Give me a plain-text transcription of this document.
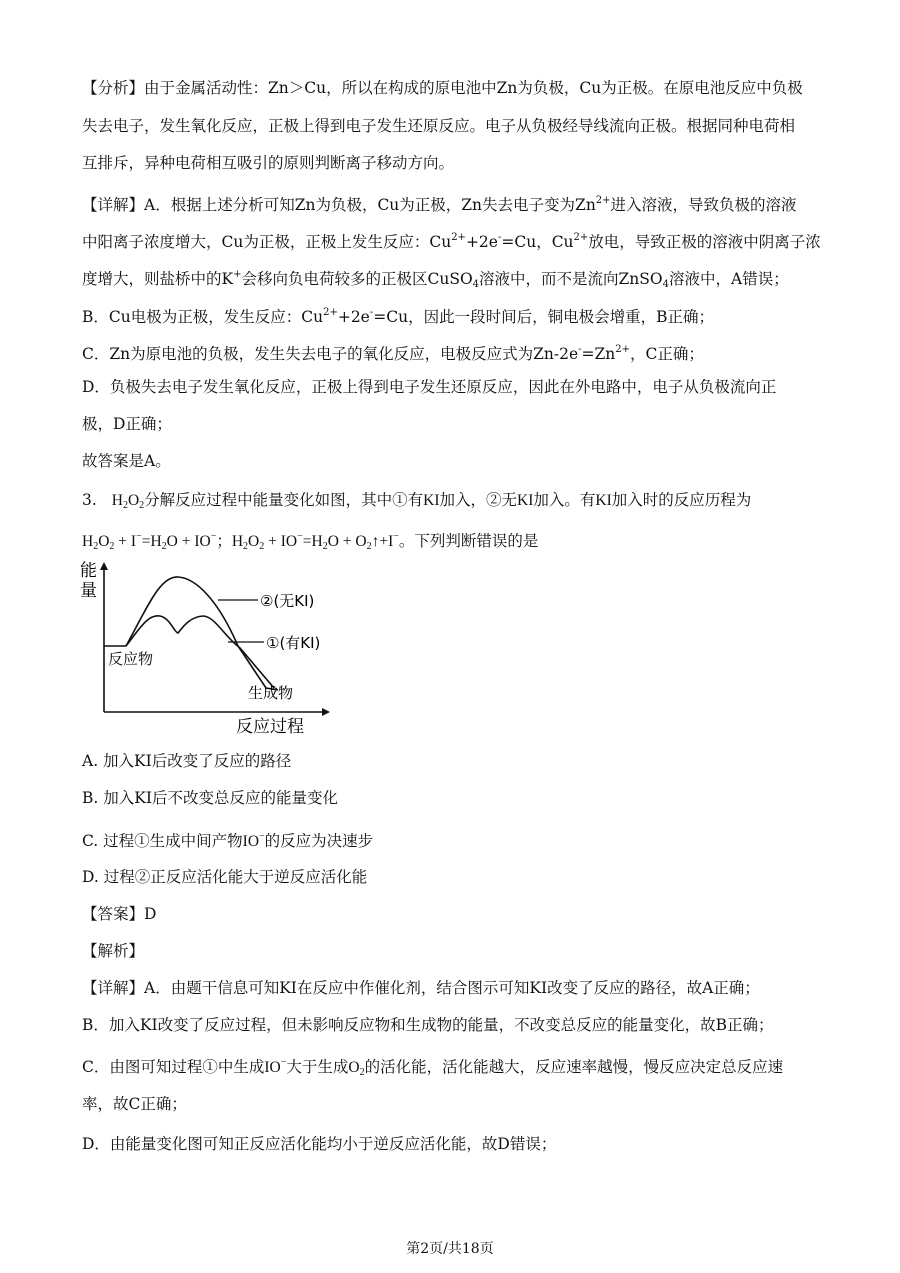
【分析】由于金属活动性：Zn＞Cu，所以在构成的原电池中Zn为负极，Cu为正极。在原电池反应中负极
失去电子，发生氧化反应，正极上得到电子发生还原反应。电子从负极经导线流向正极。根据同种电荷相
互排斥，异种电荷相互吸引的原则判断离子移动方向。
【详解】A．根据上述分析可知Zn为负极，Cu为正极，Zn失去电子变为$Zn^{2+}$进入溶液，导致负极的溶液
中阳离子浓度增大，Cu为正极，正极上发生反应：$Cu^{2+}+2e^-=Cu$，$Cu^{2+}$放电，导致正极的溶液中阴离子浓
度增大，则盐桥中的K+会移向负电荷较多的正极区CuSO$_4$溶液中，而不是流向ZnSO$_4$溶液中，A错误；
B．Cu电极为正极，发生反应：$Cu^{2+}+2e^-=Cu$，因此一段时间后，铜电极会增重，B正确；
C．Zn为原电池的负极，发生失去电子的氧化反应，电极反应式为$Zn-2e^-=Zn^{2+}$，C正确；
D．负极失去电子发生氧化反应，正极上得到电子发生还原反应，因此在外电路中，电子从负极流向正
极，D正确；
故答案是A。
3. $H_2O_2$分解反应过程中能量变化如图，其中①有KI加入，②无KI加入。有KI加入时的反应历程为
$H_2O_2 + I^-=H_2O + IO^-$；$H_2O_2 + IO^-=H_2O$ + $O_2↑+I^-$。下列判断错误的是
能
量
反应过程
②(无KI)
①(有KI)
反应物
生成物
A. 加入KI后改变了反应的路径
B. 加入KI后不改变总反应的能量变化
C. 过程①生成中间产物IO−的反应为决速步
D. 过程②正反应活化能大于逆反应活化能
【答案】D
【解析】
【详解】A．由题干信息可知KI在反应中作催化剂，结合图示可知KI改变了反应的路径，故A正确；
B．加入KI改变了反应过程，但未影响反应物和生成物的能量，不改变总反应的能量变化，故B正确；
C．由图可知过程①中生成IO−大于生成$O_2$的活化能，活化能越大，反应速率越慢，慢反应决定总反应速
率，故C正确；
D．由能量变化图可知正反应活化能均小于逆反应活化能，故D错误；
第2页/共18页
